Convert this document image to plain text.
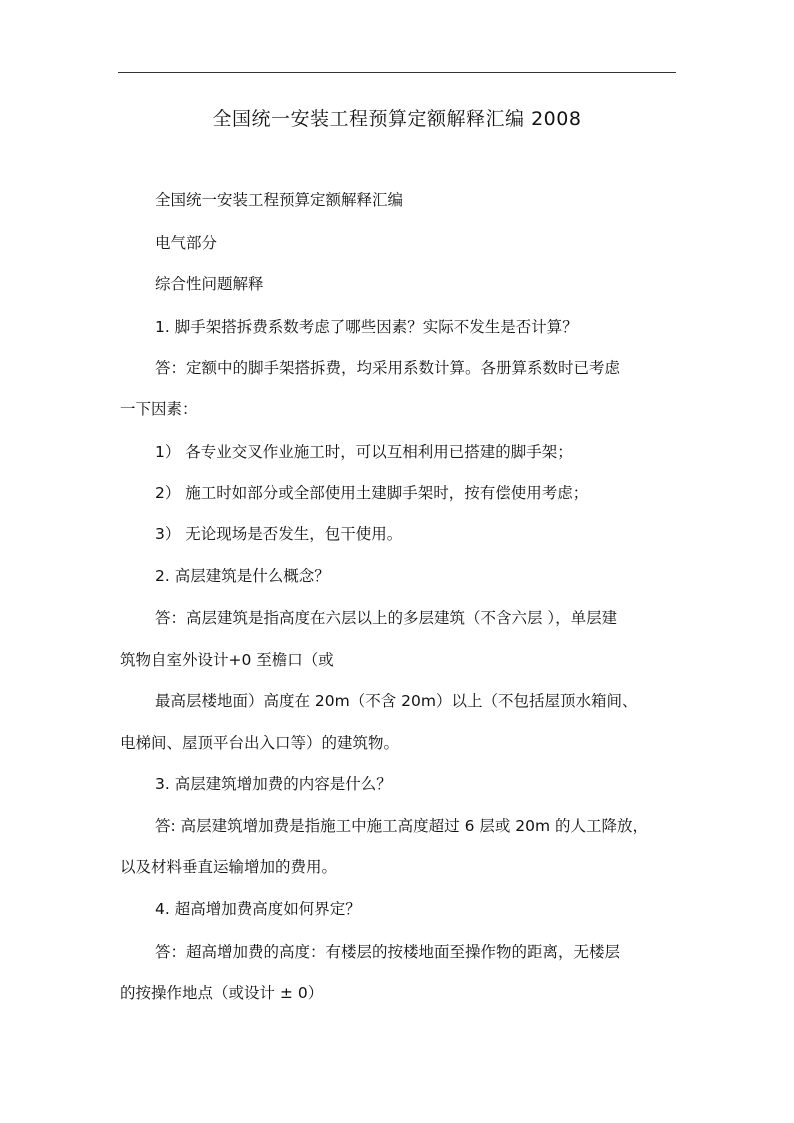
全国统一安装工程预算定额解释汇编 2008
全国统一安装工程预算定额解释汇编
电气部分
综合性问题解释
1. 脚手架搭拆费系数考虑了哪些因素？实际不发生是否计算？
答：定额中的脚手架搭拆费，均采用系数计算。各册算系数时已考虑
一下因素：
1） 各专业交叉作业施工时，可以互相利用已搭建的脚手架；
2） 施工时如部分或全部使用土建脚手架时，按有偿使用考虑；
3） 无论现场是否发生，包干使用。
2. 高层建筑是什么概念？
答：高层建筑是指高度在六层以上的多层建筑（不含六层 ），单层建
筑物自室外设计+0 至檐口（或
最高层楼地面）高度在 20m（不含 20m）以上（不包括屋顶水箱间、
电梯间、屋顶平台出入口等）的建筑物。
3. 高层建筑增加费的内容是什么？
答: 高层建筑增加费是指施工中施工高度超过 6 层或 20m 的人工降放，
以及材料垂直运输增加的费用。
4. 超高增加费高度如何界定？
答：超高增加费的高度：有楼层的按楼地面至操作物的距离，无楼层
的按操作地点（或设计 ± 0）
